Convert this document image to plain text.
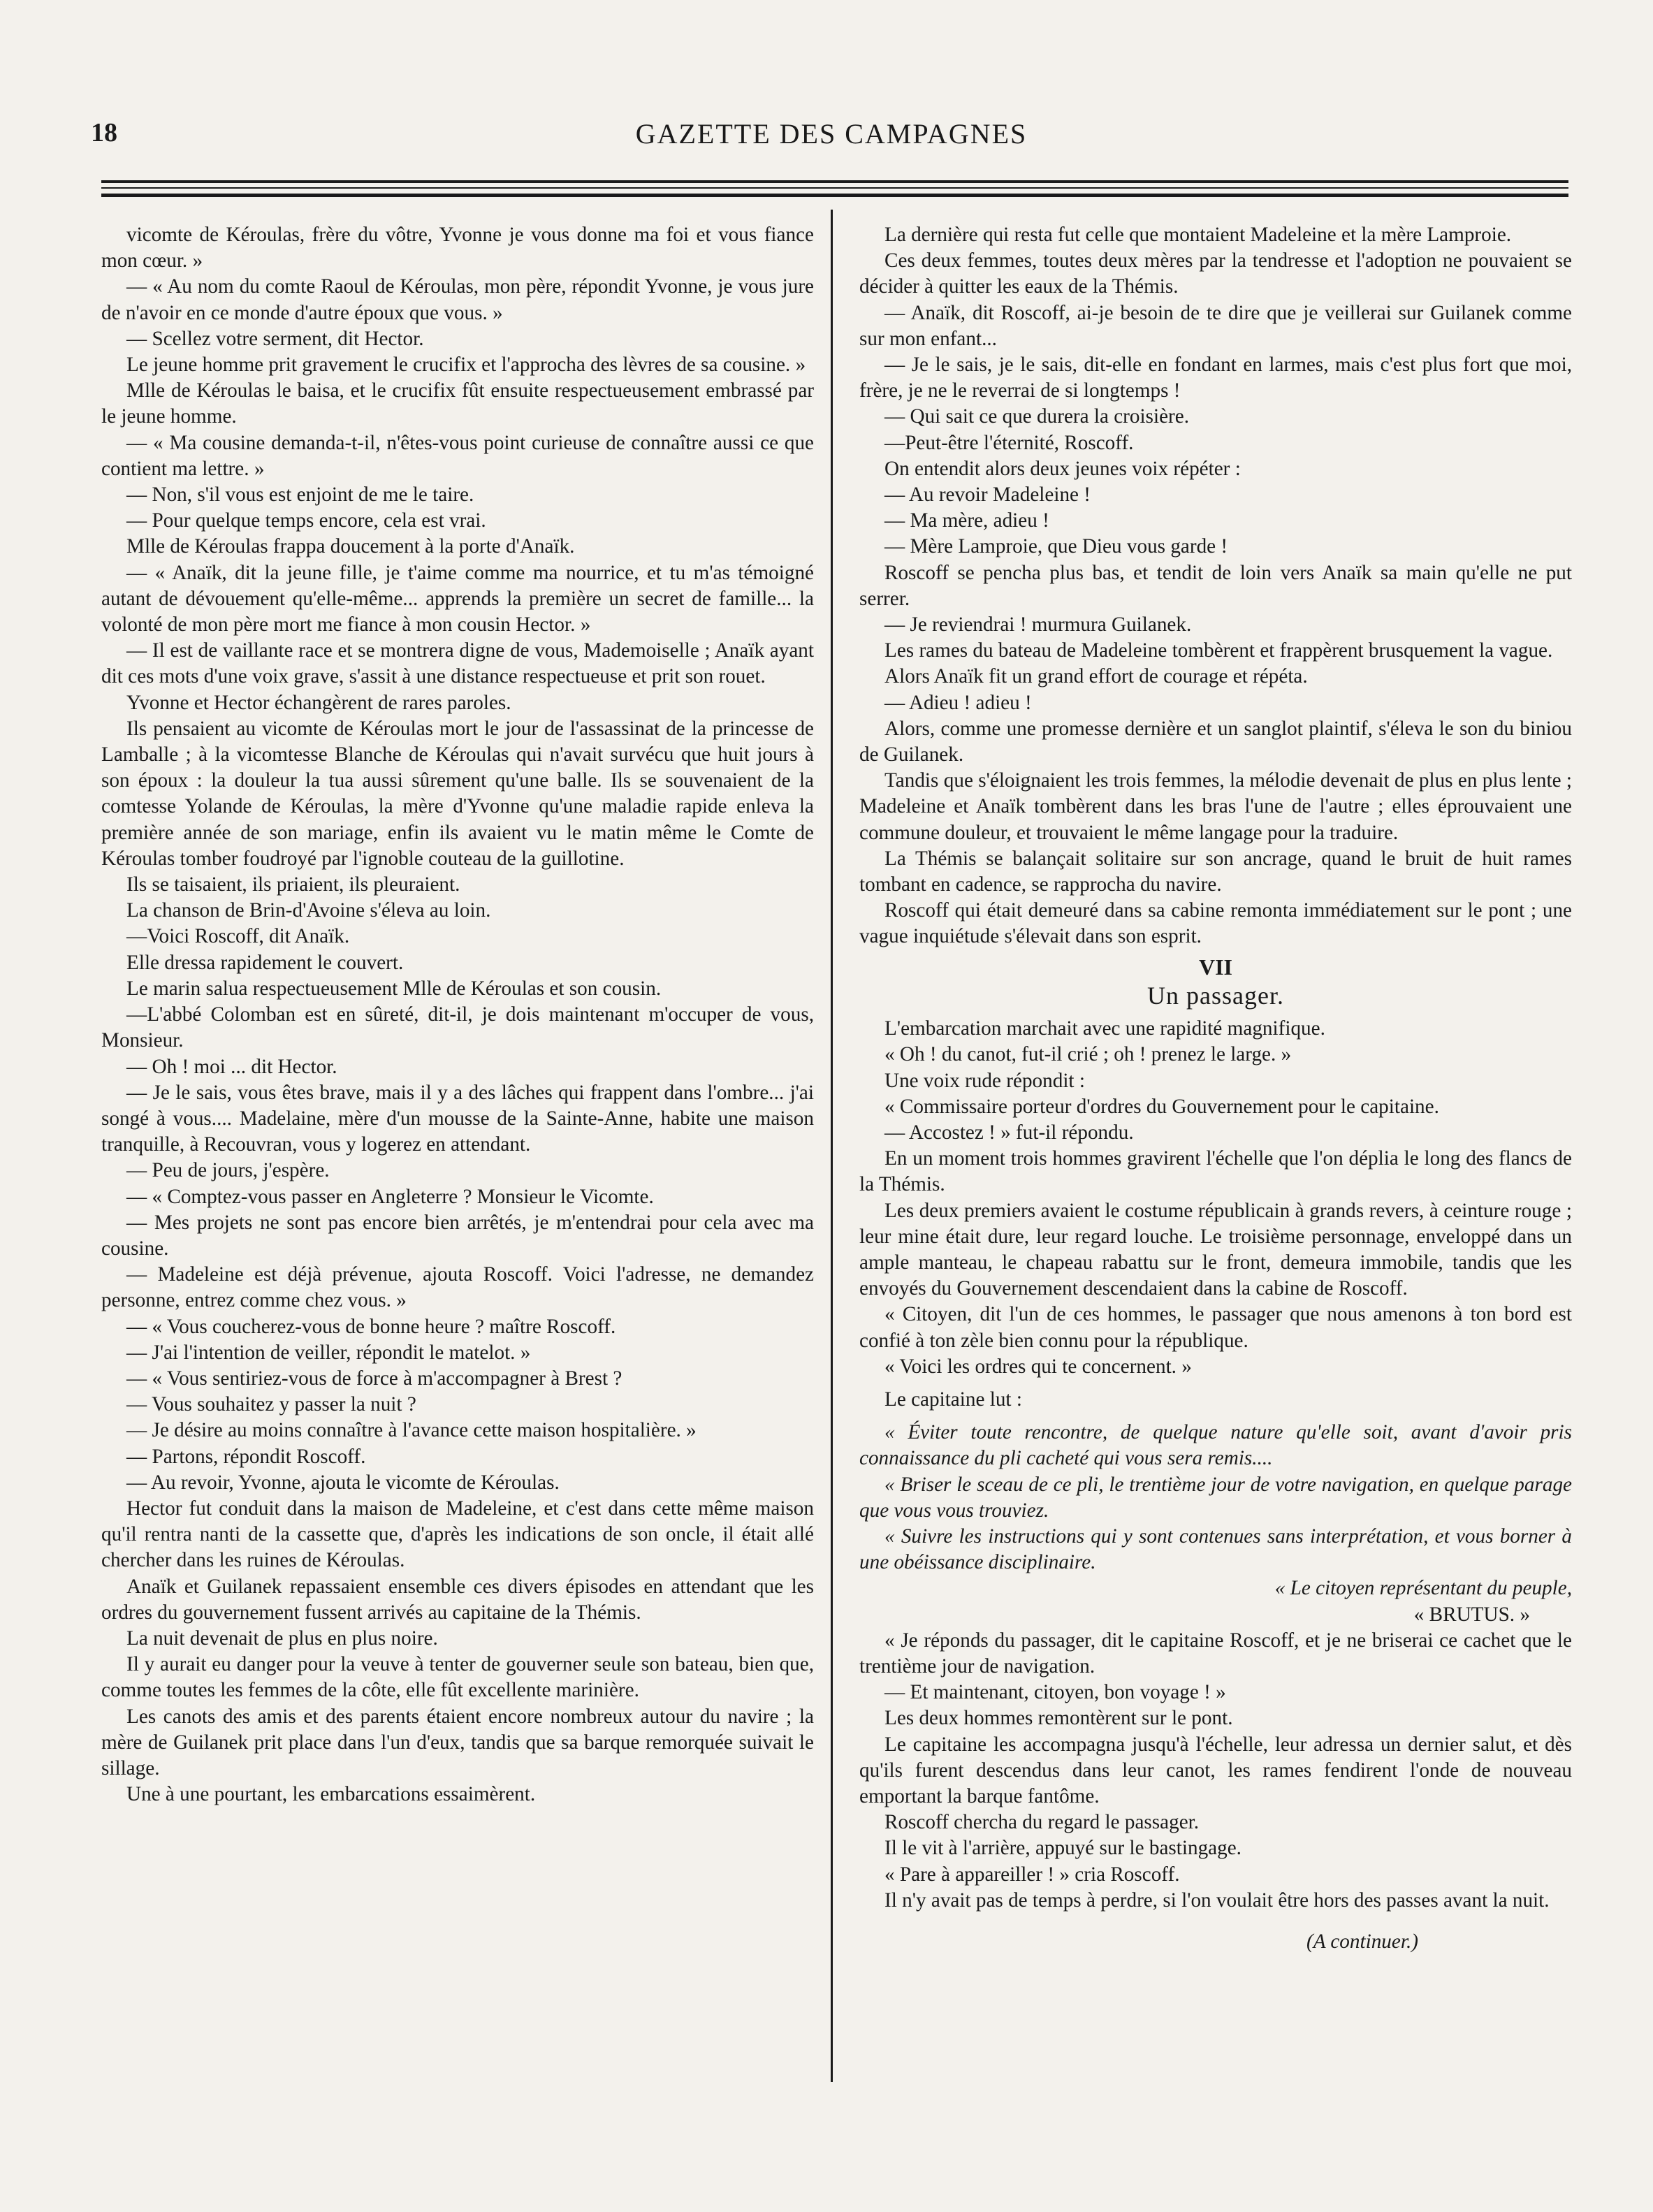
18	GAZETTE DES CAMPAGNES

vicomte de Kéroulas, frère du vôtre, Yvonne je vous donne ma foi et vous fiance mon cœur. »

— « Au nom du comte Raoul de Kéroulas, mon père, répondit Yvonne, je vous jure de n'avoir en ce monde d'autre époux que vous. »

— Scellez votre serment, dit Hector.

Le jeune homme prit gravement le crucifix et l'approcha des lèvres de sa cousine. »

Mlle de Kéroulas le baisa, et le crucifix fût ensuite respectueusement embrassé par le jeune homme.

— « Ma cousine demanda-t-il, n'êtes-vous point curieuse de connaître aussi ce que contient ma lettre. »

— Non, s'il vous est enjoint de me le taire.

— Pour quelque temps encore, cela est vrai.

Mlle de Kéroulas frappa doucement à la porte d'Anaïk.

— « Anaïk, dit la jeune fille, je t'aime comme ma nourrice, et tu m'as témoigné autant de dévouement qu'elle-même... apprends la première un secret de famille... la volonté de mon père mort me fiance à mon cousin Hector. »

— Il est de vaillante race et se montrera digne de vous, Mademoiselle ; Anaïk ayant dit ces mots d'une voix grave, s'assit à une distance respectueuse et prit son rouet.

Yvonne et Hector échangèrent de rares paroles.

Ils pensaient au vicomte de Kéroulas mort le jour de l'assassinat de la princesse de Lamballe ; à la vicomtesse Blanche de Kéroulas qui n'avait survécu que huit jours à son époux : la douleur la tua aussi sûrement qu'une balle. Ils se souvenaient de la comtesse Yolande de Kéroulas, la mère d'Yvonne qu'une maladie rapide enleva la première année de son mariage, enfin ils avaient vu le matin même le Comte de Kéroulas tomber foudroyé par l'ignoble couteau de la guillotine.

Ils se taisaient, ils priaient, ils pleuraient.

La chanson de Brin-d'Avoine s'éleva au loin.

—Voici Roscoff, dit Anaïk.

Elle dressa rapidement le couvert.

Le marin salua respectueusement Mlle de Kéroulas et son cousin.

—L'abbé Colomban est en sûreté, dit-il, je dois maintenant m'occuper de vous, Monsieur.

— Oh ! moi ... dit Hector.

— Je le sais, vous êtes brave, mais il y a des lâches qui frappent dans l'ombre... j'ai songé à vous.... Madelaine, mère d'un mousse de la Sainte-Anne, habite une maison tranquille, à Recouvran, vous y logerez en attendant.

— Peu de jours, j'espère.

— « Comptez-vous passer en Angleterre ? Monsieur le Vicomte.

— Mes projets ne sont pas encore bien arrêtés, je m'entendrai pour cela avec ma cousine.

— Madeleine est déjà prévenue, ajouta Roscoff. Voici l'adresse, ne demandez personne, entrez comme chez vous. »

— « Vous coucherez-vous de bonne heure ? maître Roscoff.

— J'ai l'intention de veiller, répondit le matelot. »

— « Vous sentiriez-vous de force à m'accompagner à Brest ?

— Vous souhaitez y passer la nuit ?

— Je désire au moins connaître à l'avance cette maison hospitalière. »

— Partons, répondit Roscoff.

— Au revoir, Yvonne, ajouta le vicomte de Kéroulas.

Hector fut conduit dans la maison de Madeleine, et c'est dans cette même maison qu'il rentra nanti de la cassette que, d'après les indications de son oncle, il était allé chercher dans les ruines de Kéroulas.

Anaïk et Guilanek repassaient ensemble ces divers épisodes en attendant que les ordres du gouvernement fussent arrivés au capitaine de la Thémis.

La nuit devenait de plus en plus noire.

Il y aurait eu danger pour la veuve à tenter de gouverner seule son bateau, bien que, comme toutes les femmes de la côte, elle fût excellente marinière.

Les canots des amis et des parents étaient encore nombreux autour du navire ; la mère de Guilanek prit place dans l'un d'eux, tandis que sa barque remorquée suivait le sillage.

Une à une pourtant, les embarcations essaimèrent.

La dernière qui resta fut celle que montaient Madeleine et la mère Lamproie.

Ces deux femmes, toutes deux mères par la tendresse et l'adoption ne pouvaient se décider à quitter les eaux de la Thémis.

— Anaïk, dit Roscoff, ai-je besoin de te dire que je veillerai sur Guilanek comme sur mon enfant...

— Je le sais, je le sais, dit-elle en fondant en larmes, mais c'est plus fort que moi, frère, je ne le reverrai de si longtemps !

— Qui sait ce que durera la croisière.

—Peut-être l'éternité, Roscoff.

On entendit alors deux jeunes voix répéter :

— Au revoir Madeleine !

— Ma mère, adieu !

— Mère Lamproie, que Dieu vous garde !

Roscoff se pencha plus bas, et tendit de loin vers Anaïk sa main qu'elle ne put serrer.

— Je reviendrai ! murmura Guilanek.

Les rames du bateau de Madeleine tombèrent et frappèrent brusquement la vague.

Alors Anaïk fit un grand effort de courage et répéta.

— Adieu ! adieu !

Alors, comme une promesse dernière et un sanglot plaintif, s'éleva le son du biniou de Guilanek.

Tandis que s'éloignaient les trois femmes, la mélodie devenait de plus en plus lente ; Madeleine et Anaïk tombèrent dans les bras l'une de l'autre ; elles éprouvaient une commune douleur, et trouvaient le même langage pour la traduire.

La Thémis se balançait solitaire sur son ancrage, quand le bruit de huit rames tombant en cadence, se rapprocha du navire.

Roscoff qui était demeuré dans sa cabine remonta immédiatement sur le pont ; une vague inquiétude s'élevait dans son esprit.

VII

Un passager.

L'embarcation marchait avec une rapidité magnifique.

« Oh ! du canot, fut-il crié ; oh ! prenez le large. »

Une voix rude répondit :

« Commissaire porteur d'ordres du Gouvernement pour le capitaine.

— Accostez ! » fut-il répondu.

En un moment trois hommes gravirent l'échelle que l'on déplia le long des flancs de la Thémis.

Les deux premiers avaient le costume républicain à grands revers, à ceinture rouge ; leur mine était dure, leur regard louche. Le troisième personnage, enveloppé dans un ample manteau, le chapeau rabattu sur le front, demeura immobile, tandis que les envoyés du Gouvernement descendaient dans la cabine de Roscoff.

« Citoyen, dit l'un de ces hommes, le passager que nous amenons à ton bord est confié à ton zèle bien connu pour la république.

« Voici les ordres qui te concernent. »

Le capitaine lut :

« Éviter toute rencontre, de quelque nature qu'elle soit, avant d'avoir pris connaissance du pli cacheté qui vous sera remis....

« Briser le sceau de ce pli, le trentième jour de votre navigation, en quelque parage que vous vous trouviez.

« Suivre les instructions qui y sont contenues sans interprétation, et vous borner à une obéissance disciplinaire.

« Le citoyen représentant du peuple,

« BRUTUS. »

« Je réponds du passager, dit le capitaine Roscoff, et je ne briserai ce cachet que le trentième jour de navigation.

— Et maintenant, citoyen, bon voyage ! »

Les deux hommes remontèrent sur le pont.

Le capitaine les accompagna jusqu'à l'échelle, leur adressa un dernier salut, et dès qu'ils furent descendus dans leur canot, les rames fendirent l'onde de nouveau emportant la barque fantôme.

Roscoff chercha du regard le passager.

Il le vit à l'arrière, appuyé sur le bastingage.

« Pare à appareiller ! » cria Roscoff.

Il n'y avait pas de temps à perdre, si l'on voulait être hors des passes avant la nuit.

(A continuer.)
